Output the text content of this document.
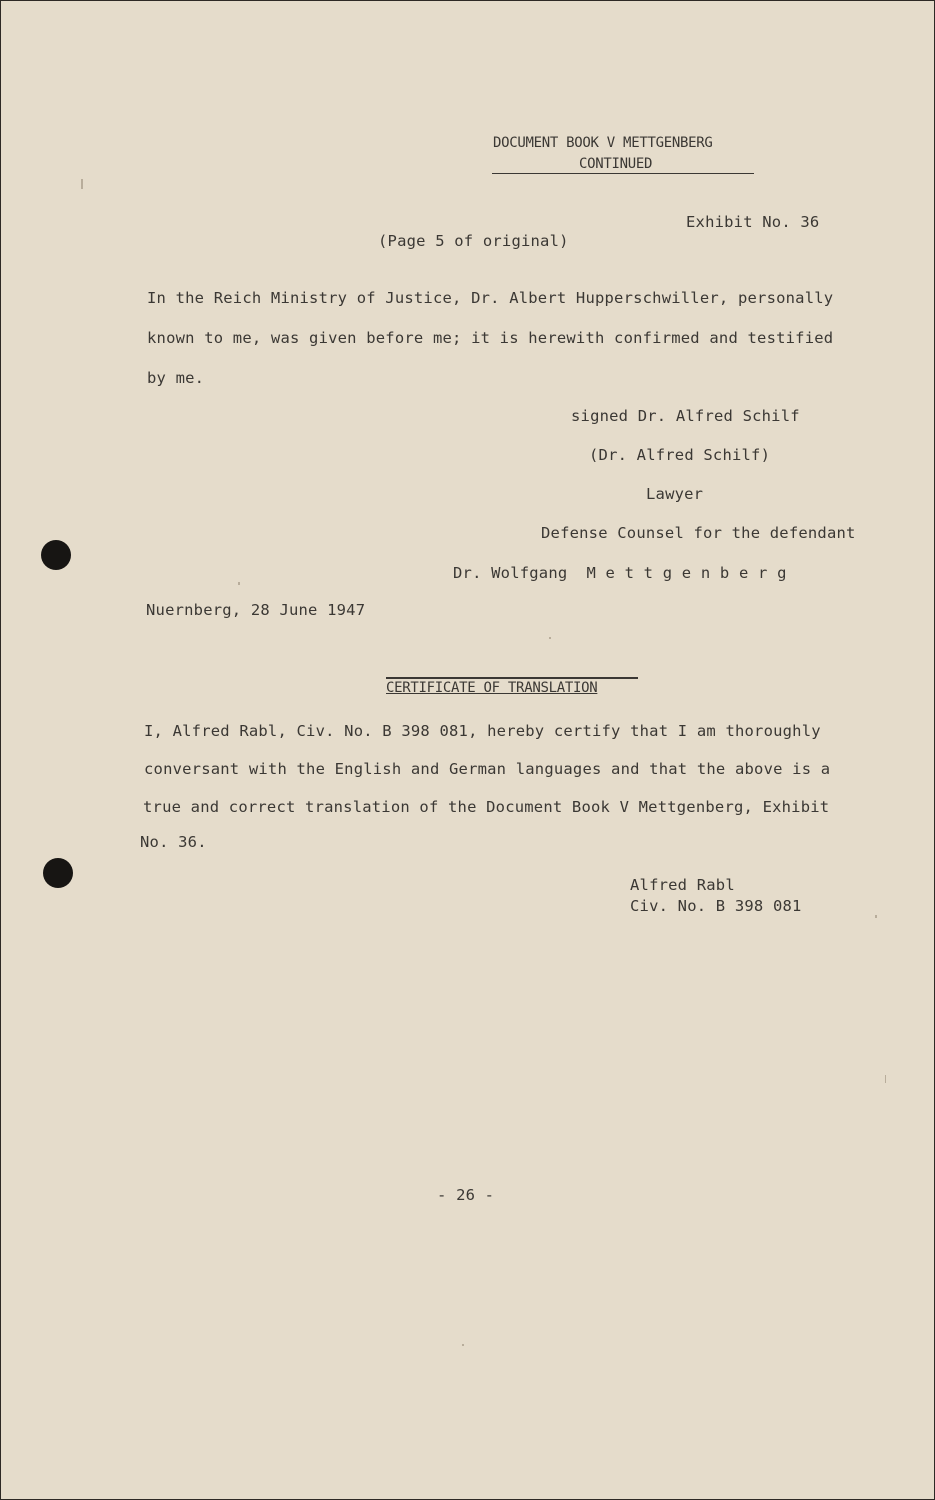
DOCUMENT BOOK V METTGENBERG
CONTINUED
Exhibit No. 36
(Page 5 of original)
In the Reich Ministry of Justice, Dr. Albert Hupperschwiller, personally
known to me, was given before me; it is herewith confirmed and testified
by me.
signed Dr. Alfred Schilf
(Dr. Alfred Schilf)
Lawyer
Defense Counsel for the defendant
Dr. Wolfgang  M e t t g e n b e r g
Nuernberg, 28 June 1947
CERTIFICATE OF TRANSLATION
I, Alfred Rabl, Civ. No. B 398 081, hereby certify that I am thoroughly
conversant with the English and German languages and that the above is a
true and correct translation of the Document Book V Mettgenberg, Exhibit
No. 36.
Alfred Rabl
Civ. No. B 398 081
- 26 -
